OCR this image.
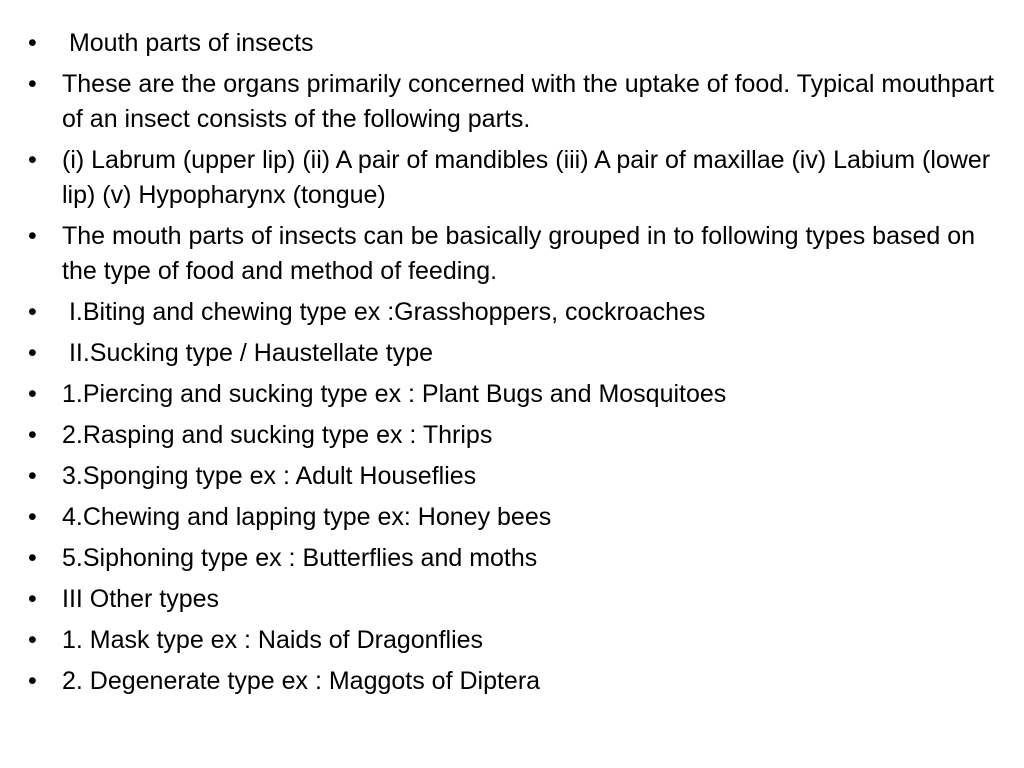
•	Mouth parts of insects
•	These are the organs primarily concerned with the uptake of food. Typical mouthpart of an insect consists of the following parts.
•	(i) Labrum (upper lip) (ii) A pair of mandibles (iii) A pair of maxillae (iv) Labium (lower lip) (v) Hypopharynx (tongue)
•	The mouth parts of insects can be basically grouped in to following types based on the type of food and method of feeding.
•	I.Biting and chewing type ex :Grasshoppers, cockroaches
•	II.Sucking type / Haustellate type
•	1.Piercing and sucking type ex : Plant Bugs and Mosquitoes
•	2.Rasping and sucking type ex : Thrips
•	3.Sponging type ex : Adult Houseflies
•	4.Chewing and lapping type ex: Honey bees
•	5.Siphoning type ex : Butterflies and moths
•	III Other types
•	1. Mask type ex : Naids of Dragonflies
•	2. Degenerate type ex : Maggots of Diptera
